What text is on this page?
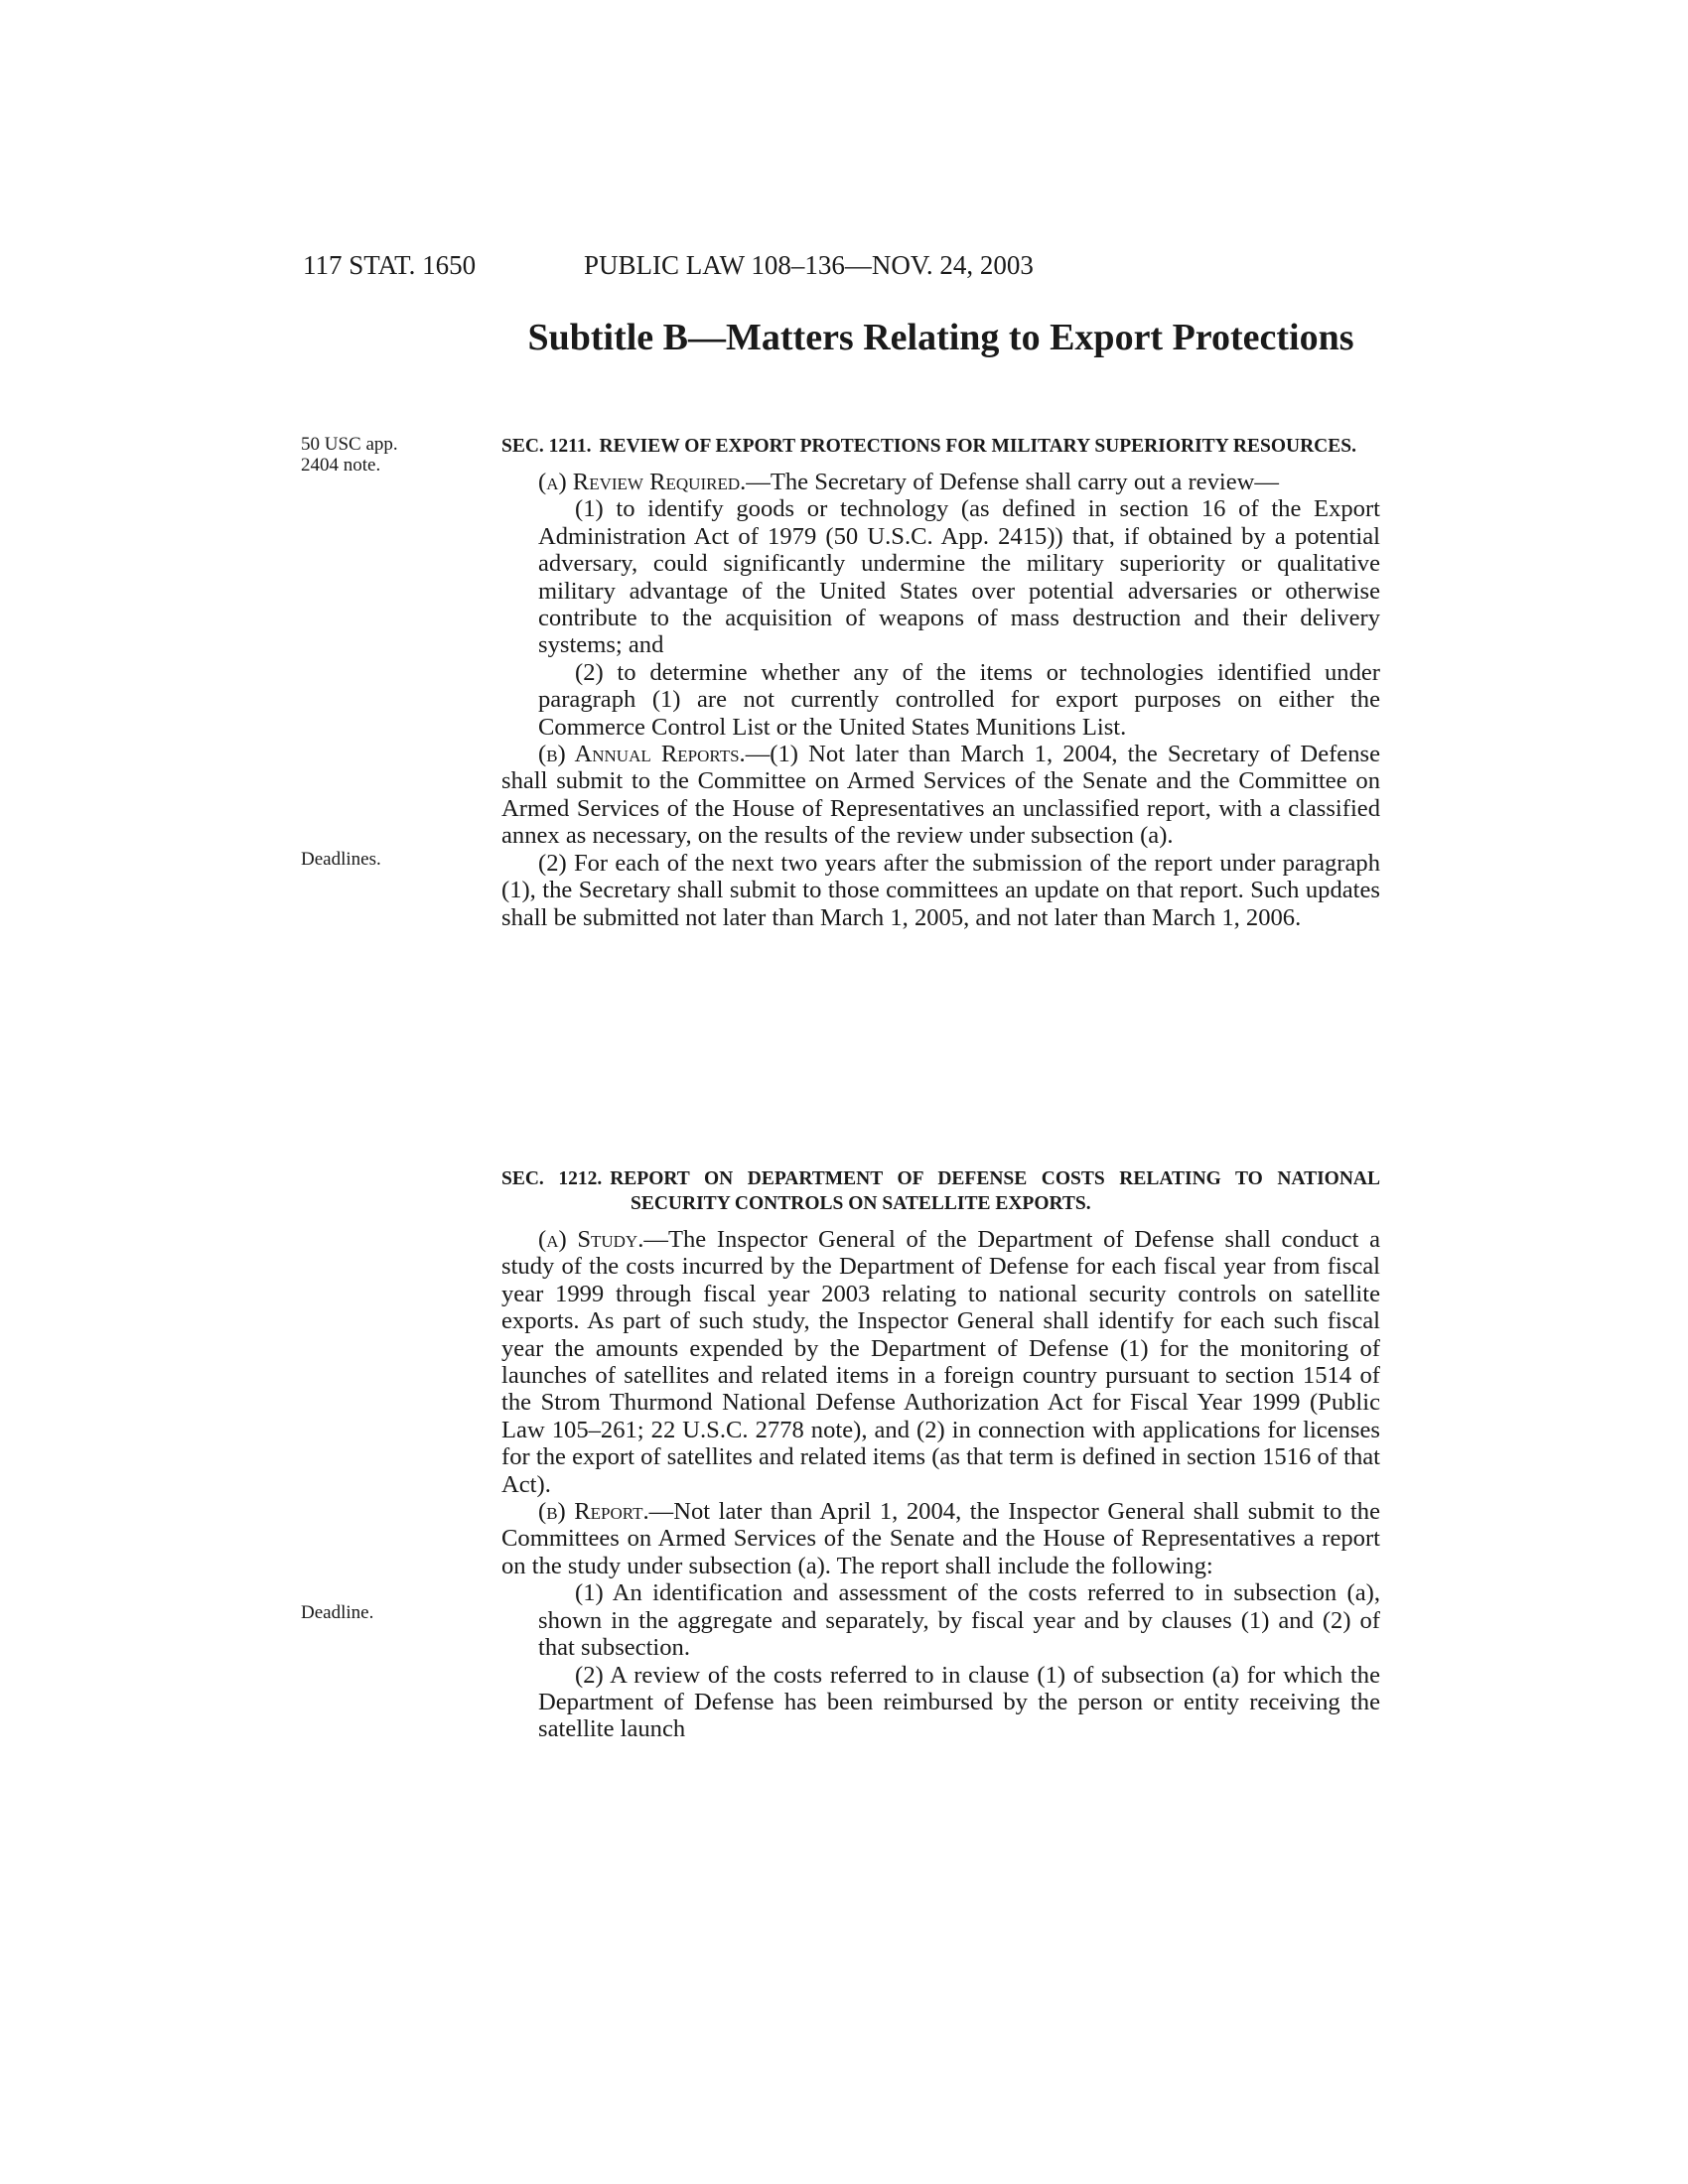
117 STAT. 1650	PUBLIC LAW 108–136—NOV. 24, 2003
Subtitle B—Matters Relating to Export Protections
50 USC app. 2404 note.
Deadlines.
Deadline.

SEC. 1211. REVIEW OF EXPORT PROTECTIONS FOR MILITARY SUPERIORITY RESOURCES.

(a) Review Required.—The Secretary of Defense shall carry out a review—

(1) to identify goods or technology (as defined in section 16 of the Export Administration Act of 1979 (50 U.S.C. App. 2415)) that, if obtained by a potential adversary, could significantly undermine the military superiority or qualitative military advantage of the United States over potential adversaries or otherwise contribute to the acquisition of weapons of mass destruction and their delivery systems; and

(2) to determine whether any of the items or technologies identified under paragraph (1) are not currently controlled for export purposes on either the Commerce Control List or the United States Munitions List.

(b) Annual Reports.—(1) Not later than March 1, 2004, the Secretary of Defense shall submit to the Committee on Armed Services of the Senate and the Committee on Armed Services of the House of Representatives an unclassified report, with a classified annex as necessary, on the results of the review under subsection (a).

(2) For each of the next two years after the submission of the report under paragraph (1), the Secretary shall submit to those committees an update on that report. Such updates shall be submitted not later than March 1, 2005, and not later than March 1, 2006.

SEC. 1212. REPORT ON DEPARTMENT OF DEFENSE COSTS RELATING TO NATIONAL SECURITY CONTROLS ON SATELLITE EXPORTS.

(a) Study.—The Inspector General of the Department of Defense shall conduct a study of the costs incurred by the Department of Defense for each fiscal year from fiscal year 1999 through fiscal year 2003 relating to national security controls on satellite exports. As part of such study, the Inspector General shall identify for each such fiscal year the amounts expended by the Department of Defense (1) for the monitoring of launches of satellites and related items in a foreign country pursuant to section 1514 of the Strom Thurmond National Defense Authorization Act for Fiscal Year 1999 (Public Law 105–261; 22 U.S.C. 2778 note), and (2) in connection with applications for licenses for the export of satellites and related items (as that term is defined in section 1516 of that Act).

(b) Report.—Not later than April 1, 2004, the Inspector General shall submit to the Committees on Armed Services of the Senate and the House of Representatives a report on the study under subsection (a). The report shall include the following:

(1) An identification and assessment of the costs referred to in subsection (a), shown in the aggregate and separately, by fiscal year and by clauses (1) and (2) of that subsection.

(2) A review of the costs referred to in clause (1) of subsection (a) for which the Department of Defense has been reimbursed by the person or entity receiving the satellite launch
